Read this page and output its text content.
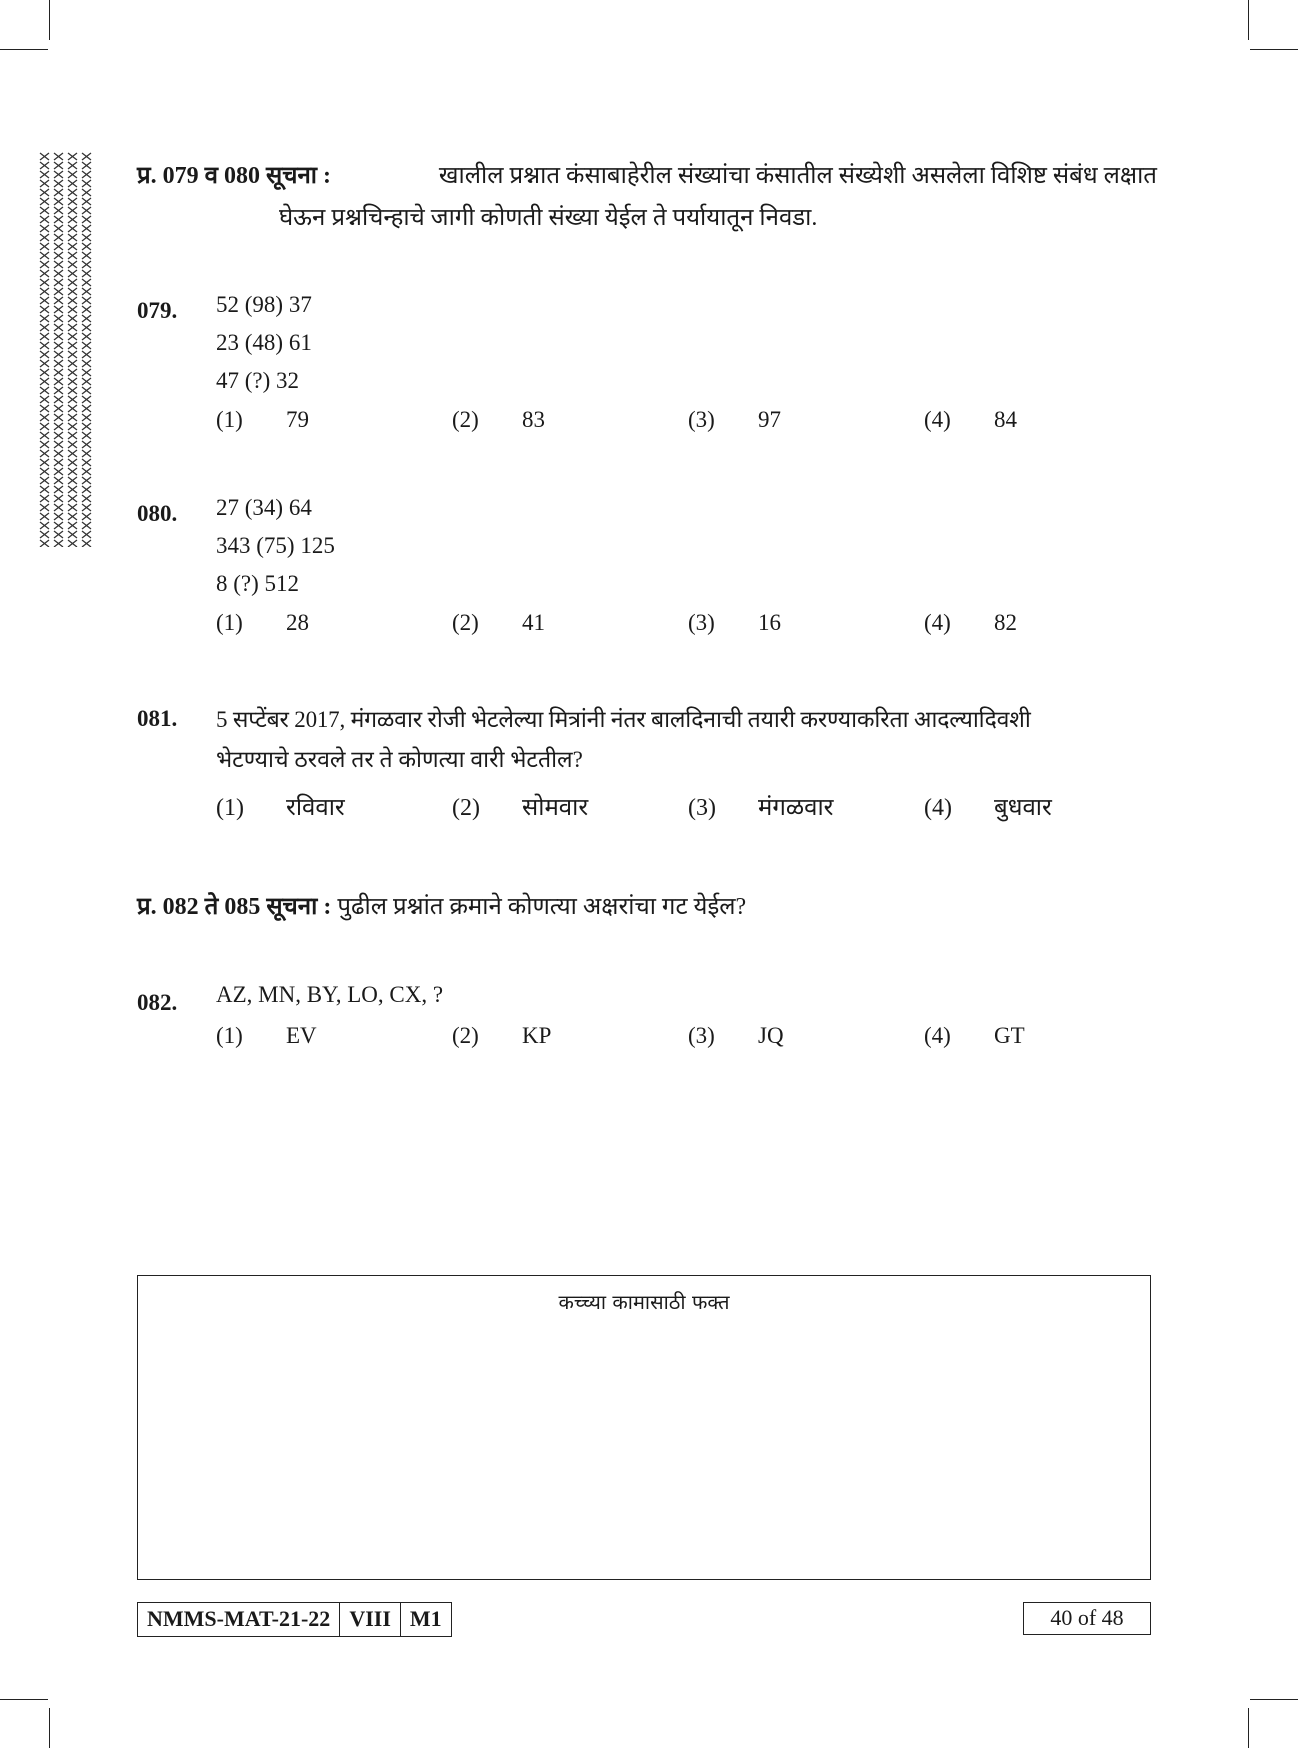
प्र. 079 व 080 सूचना :	खालील प्रश्नात कंसाबाहेरील संख्यांचा कंसातील संख्येशी असलेला विशिष्ट संबंध लक्षात
घेऊन प्रश्नचिन्हाचे जागी कोणती संख्या येईल ते पर्यायातून निवडा.
079. 52 (98) 37
23 (48) 61
47 (?) 32
(1) 79	(2) 83	(3) 97	(4) 84
080. 27 (34) 64
343 (75) 125
8 (?) 512
(1) 28	(2) 41	(3) 16	(4) 82
081. 5 सप्टेंबर 2017, मंगळवार रोजी भेटलेल्या मित्रांनी नंतर बालदिनाची तयारी करण्याकरिता आदल्यादिवशी
भेटण्याचे ठरवले तर ते कोणत्या वारी भेटतील?
(1) रविवार	(2) सोमवार	(3) मंगळवार	(4) बुधवार
प्र. 082 ते 085 सूचना : पुढील प्रश्नांत क्रमाने कोणत्या अक्षरांचा गट येईल?
082. AZ, MN, BY, LO, CX, ?
(1) EV	(2) KP	(3) JQ	(4) GT
कच्च्या कामासाठी फक्त
NMMS-MAT-21-22 VIII M1	40 of 48
